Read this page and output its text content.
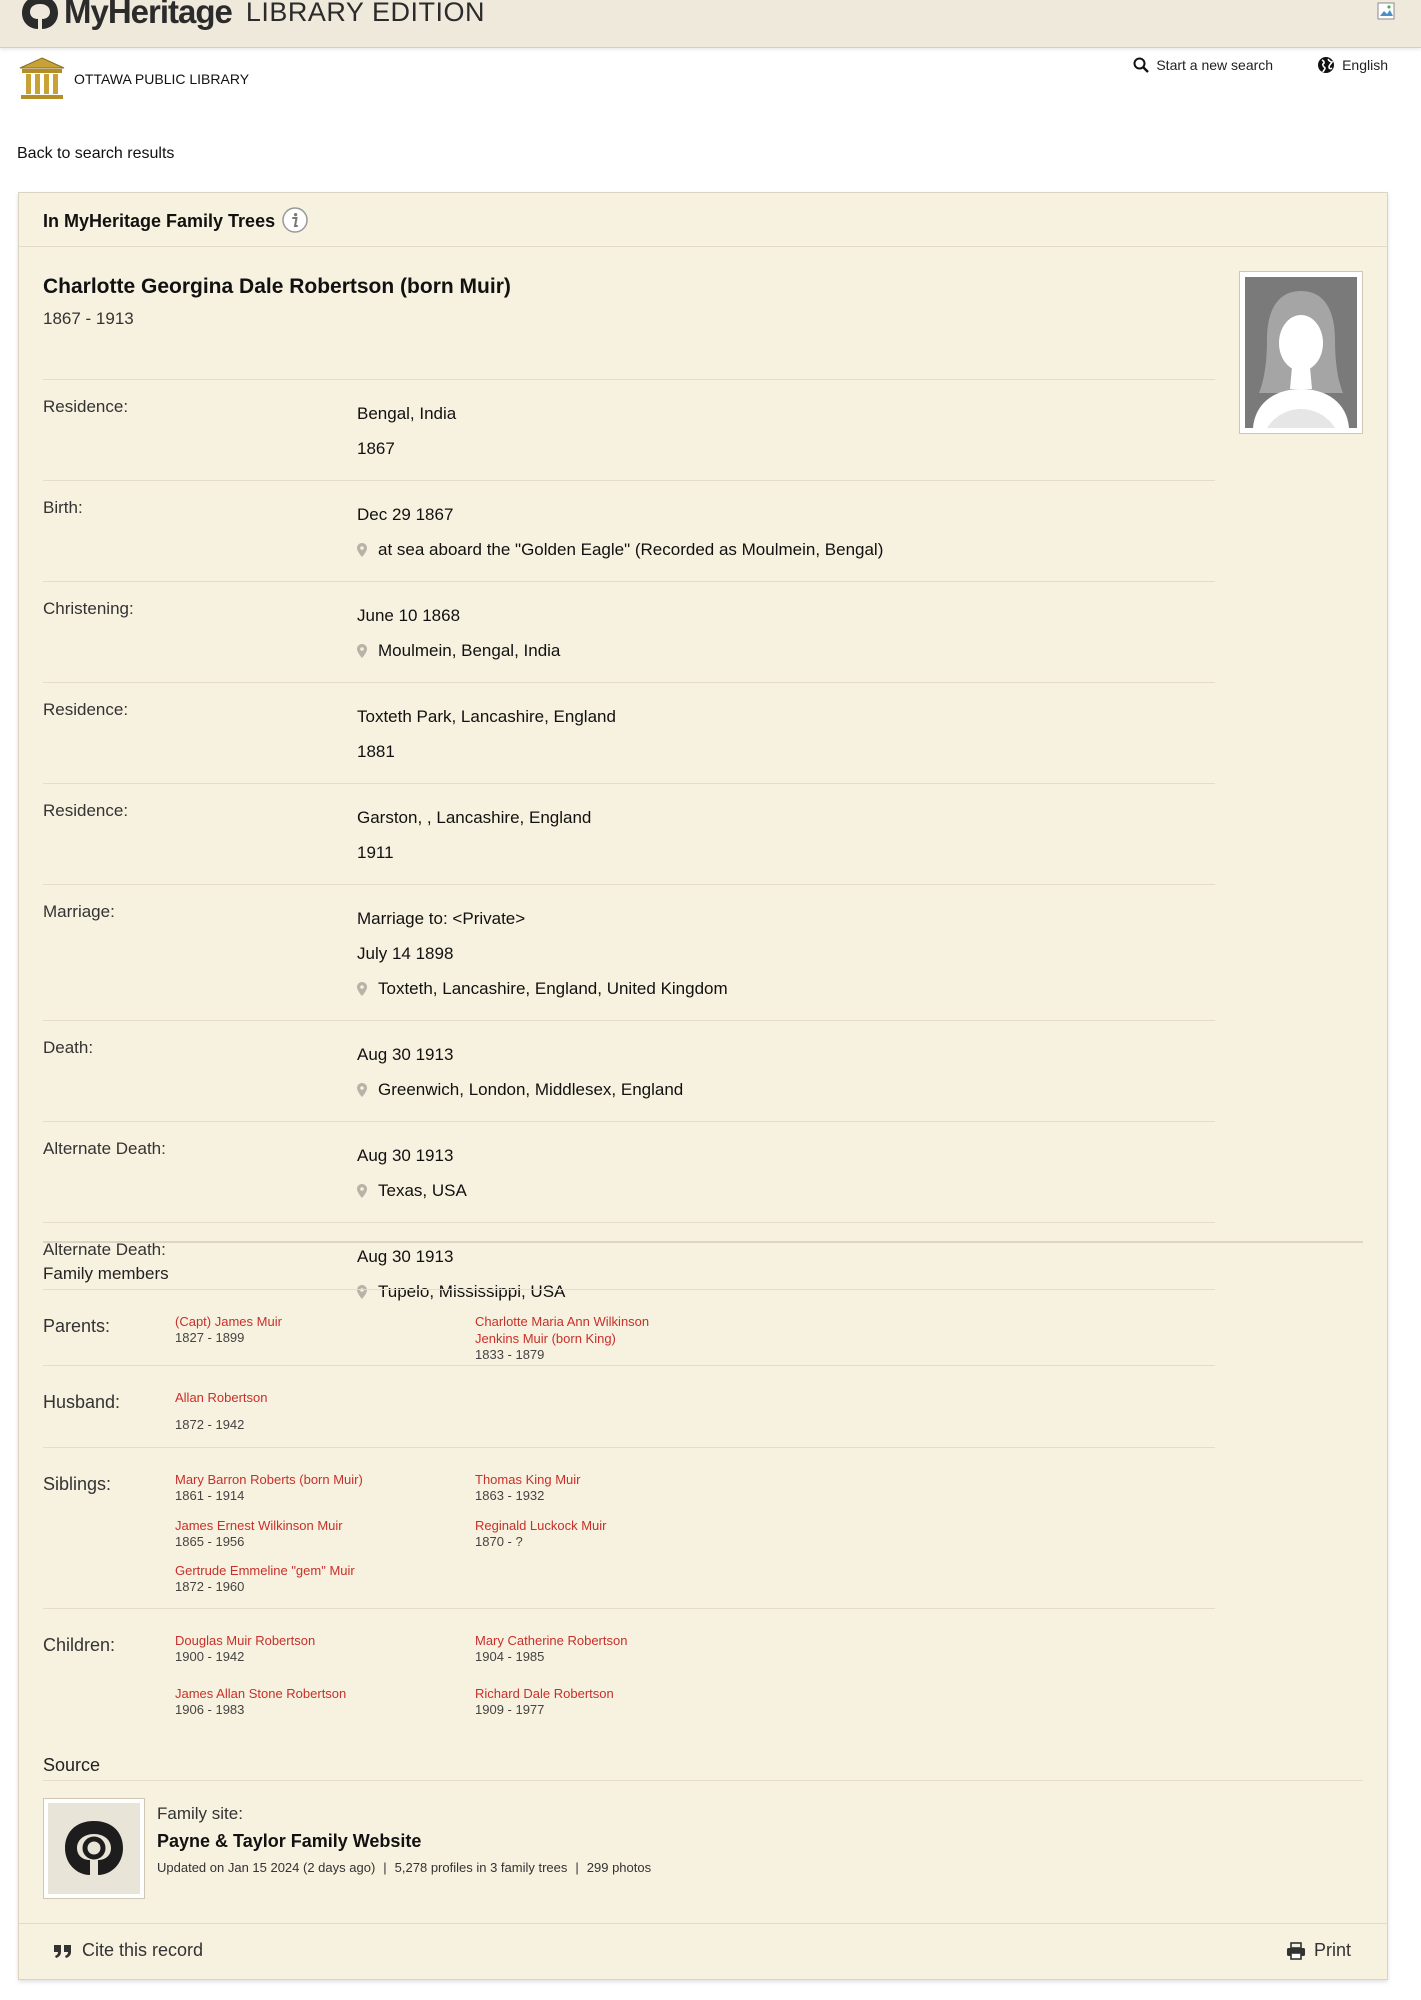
MyHeritage LIBRARY EDITION
OTTAWA PUBLIC LIBRARY
Start a new search	English
Back to search results
In MyHeritage Family Trees
Charlotte Georgina Dale Robertson (born Muir)
1867 - 1913
Residence:	Bengal, India
1867
Birth:	Dec 29 1867
at sea aboard the "Golden Eagle" (Recorded as Moulmein, Bengal)
Christening:	June 10 1868
Moulmein, Bengal, India
Residence:	Toxteth Park, Lancashire, England
1881
Residence:	Garston, , Lancashire, England
1911
Marriage:	Marriage to: <Private>
July 14 1898
Toxteth, Lancashire, England, United Kingdom
Death:	Aug 30 1913
Greenwich, London, Middlesex, England
Alternate Death:	Aug 30 1913
Texas, USA
Alternate Death:	Aug 30 1913
Tupelo, Mississippi, USA
Family members
Parents:	(Capt) James Muir
1827 - 1899
Charlotte Maria Ann Wilkinson Jenkins Muir (born King)
1833 - 1879
Husband:	Allan Robertson
1872 - 1942
Siblings:	Mary Barron Roberts (born Muir)
1861 - 1914
Thomas King Muir
1863 - 1932
James Ernest Wilkinson Muir
1865 - 1956
Reginald Luckock Muir
1870 - ?
Gertrude Emmeline "gem" Muir
1872 - 1960
Children:	Douglas Muir Robertson
1900 - 1942
Mary Catherine Robertson
1904 - 1985
James Allan Stone Robertson
1906 - 1983
Richard Dale Robertson
1909 - 1977
Source
Family site:
Payne & Taylor Family Website
Updated on Jan 15 2024 (2 days ago) | 5,278 profiles in 3 family trees | 299 photos
Cite this record	Print
